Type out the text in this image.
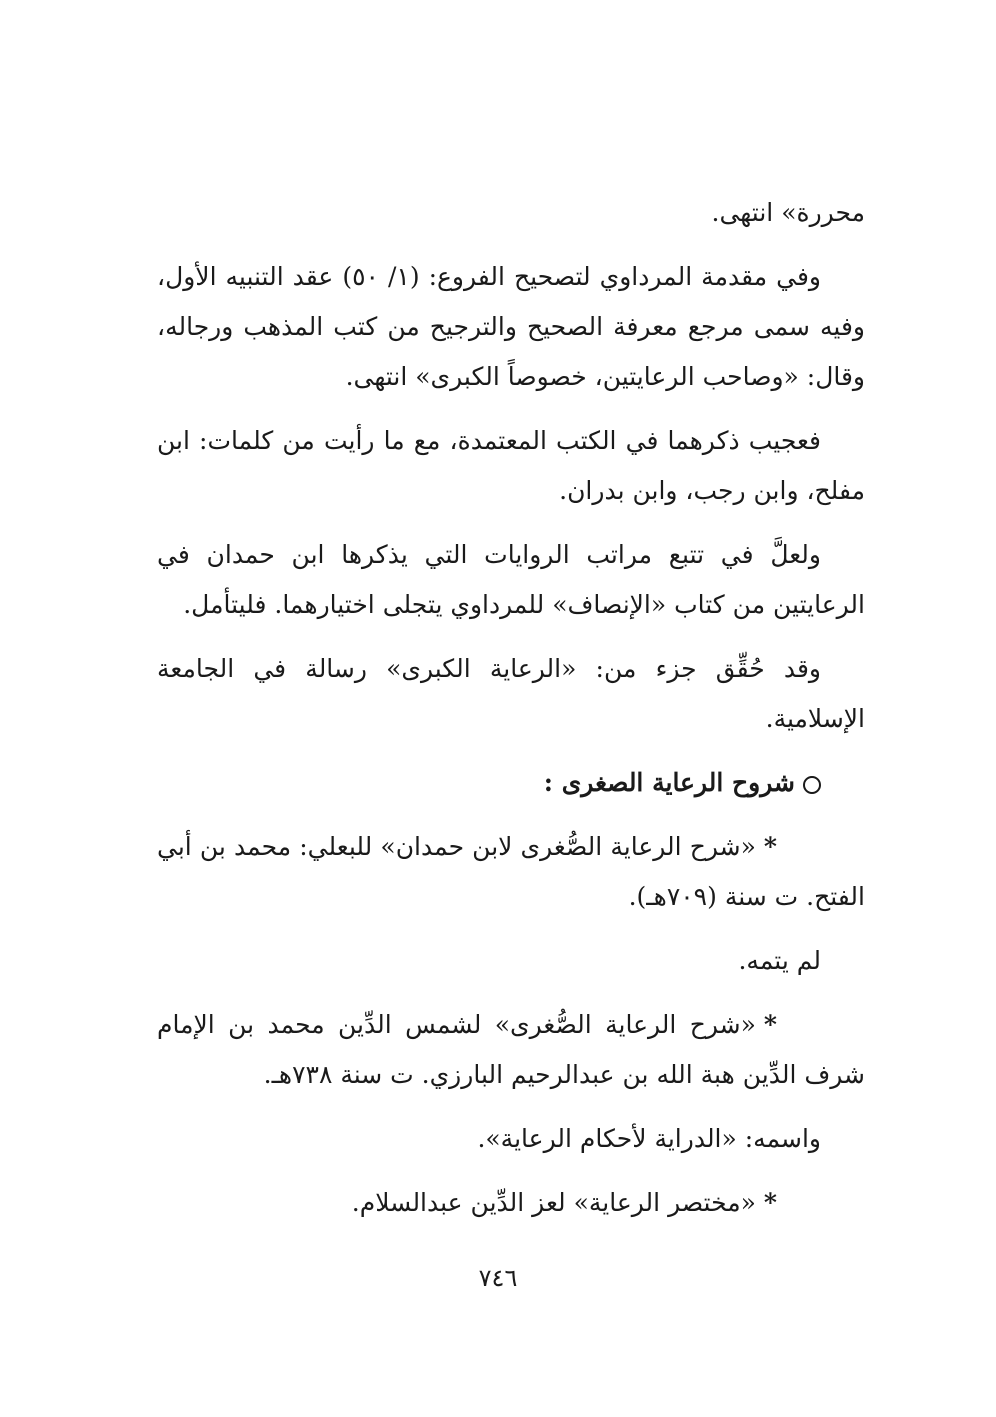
محررة» انتهى.

وفي مقدمة المرداوي لتصحيح الفروع: (١/ ٥٠) عقد التنبيه الأول، وفيه سمى مرجع معرفة الصحيح والترجيح من كتب المذهب ورجاله، وقال: «وصاحب الرعايتين، خصوصاً الكبرى» انتهى.

فعجيب ذكرهما في الكتب المعتمدة، مع ما رأيت من كلمات: ابن مفلح، وابن رجب، وابن بدران.

ولعلَّ في تتبع مراتب الروايات التي يذكرها ابن حمدان في الرعايتين من كتاب «الإنصاف» للمرداوي يتجلى اختيارهما. فليتأمل.

وقد حُقِّق جزء من: «الرعاية الكبرى» رسالة في الجامعة الإسلامية.

شروح الرعاية الصغرى :

*«شرح الرعاية الصُّغرى لابن حمدان» للبعلي: محمد بن أبي الفتح. ت سنة (٧٠٩هـ).

لم يتمه.

*«شرح الرعاية الصُّغرى» لشمس الدِّين محمد بن الإمام شرف الدِّين هبة الله بن عبدالرحيم البارزي. ت سنة ٧٣٨هـ.

واسمه: «الدراية لأحكام الرعاية».

*«مختصر الرعاية» لعز الدِّين عبدالسلام.

٧٤٦
